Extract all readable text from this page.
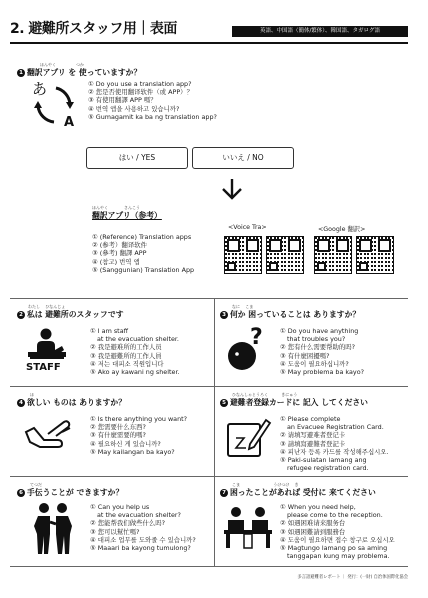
2. 避難所スタッフ用｜表面	英語、中国語（簡体/繁体）、韓国語、タガログ語
ほんやく　　　　　つか
1 翻訳アプリ を 使っていますか？
あ
A
① Do you use a translation app?
② 您是否使用翻译软件（或 APP）？
③ 有使用翻譯 APP 嗎？
④ 번역 앱을 사용하고 있습니까?
⑤ Gumagamit ka ba ng translation app?
はい / YES	いいえ / NO
ほんやく　　　　さんこう
翻訳アプリ（参考）
① (Reference) Translation apps
② (参考）翻译软件
③ (參考) 翻譯 APP
④ (참고) 번역 앱
⑤ (Sanggunian) Translation App
<Voice Tra>	<Google 翻訳>
わたし　 ひなんじょ
2 私は 避難所のスタッフです
STAFF
① I am staff
at the evacuation shelter.
② 我是避难所的工作人员
③ 我是避難所的工作人員
④ 저는 대피소 직원입니다
⑤ Ako ay kawani ng shelter.
なに　 こま
3 何か 困っていることは ありますか？
?	① Do you have anything
that troubles you?
② 您有什么需要帮助的吗?
③ 有什麼困擾嗎?
④ 도움이 필요하십니까?
⑤ May problema ba kayo?
ほ
4 欲しい ものは ありますか？
① Is there anything you want?
② 您需要什么东西?
③ 有什麼需要的嗎?
④ 필요하신 게 있습니까?
⑤ May kailangan ba kayo?
ひなんしゃとうろく　　　 きにゅう
5 避難者登録カードに 記入 してください
① Please complete
an Evacuee Registration Card.
② 请填写避难者登记卡
③ 請填寫避難者登記卡
④ 피난자 등록 카드를 작성해주십시오.
⑤ Paki-sulatan lamang ang
refugee registration card.
てつだ
6 手伝うことが できますか？
① Can you help us
at the evacuation shelter?
② 您能帮我们做些什么吗?
③ 您可以幫忙嗎?
④ 대피소 업무를 도와줄 수 있습니까?
⑤ Maaari ba kayong tumulong?
こま　　　　　　　　 うけつけ　 き
7 困ったことがあれば 受付に 来てください
① When you need help,
please come to the reception.
② 如遇困难请来服务台
③ 如遇困難請到服務台
④ 도움이 필요하면 접수 창구로 오십시오
⑤ Magtungo lamang po sa aming
tanggapan kung may problema.
多言語避難者レポート ｜ 発行：(一財) 自治体国際化協会
